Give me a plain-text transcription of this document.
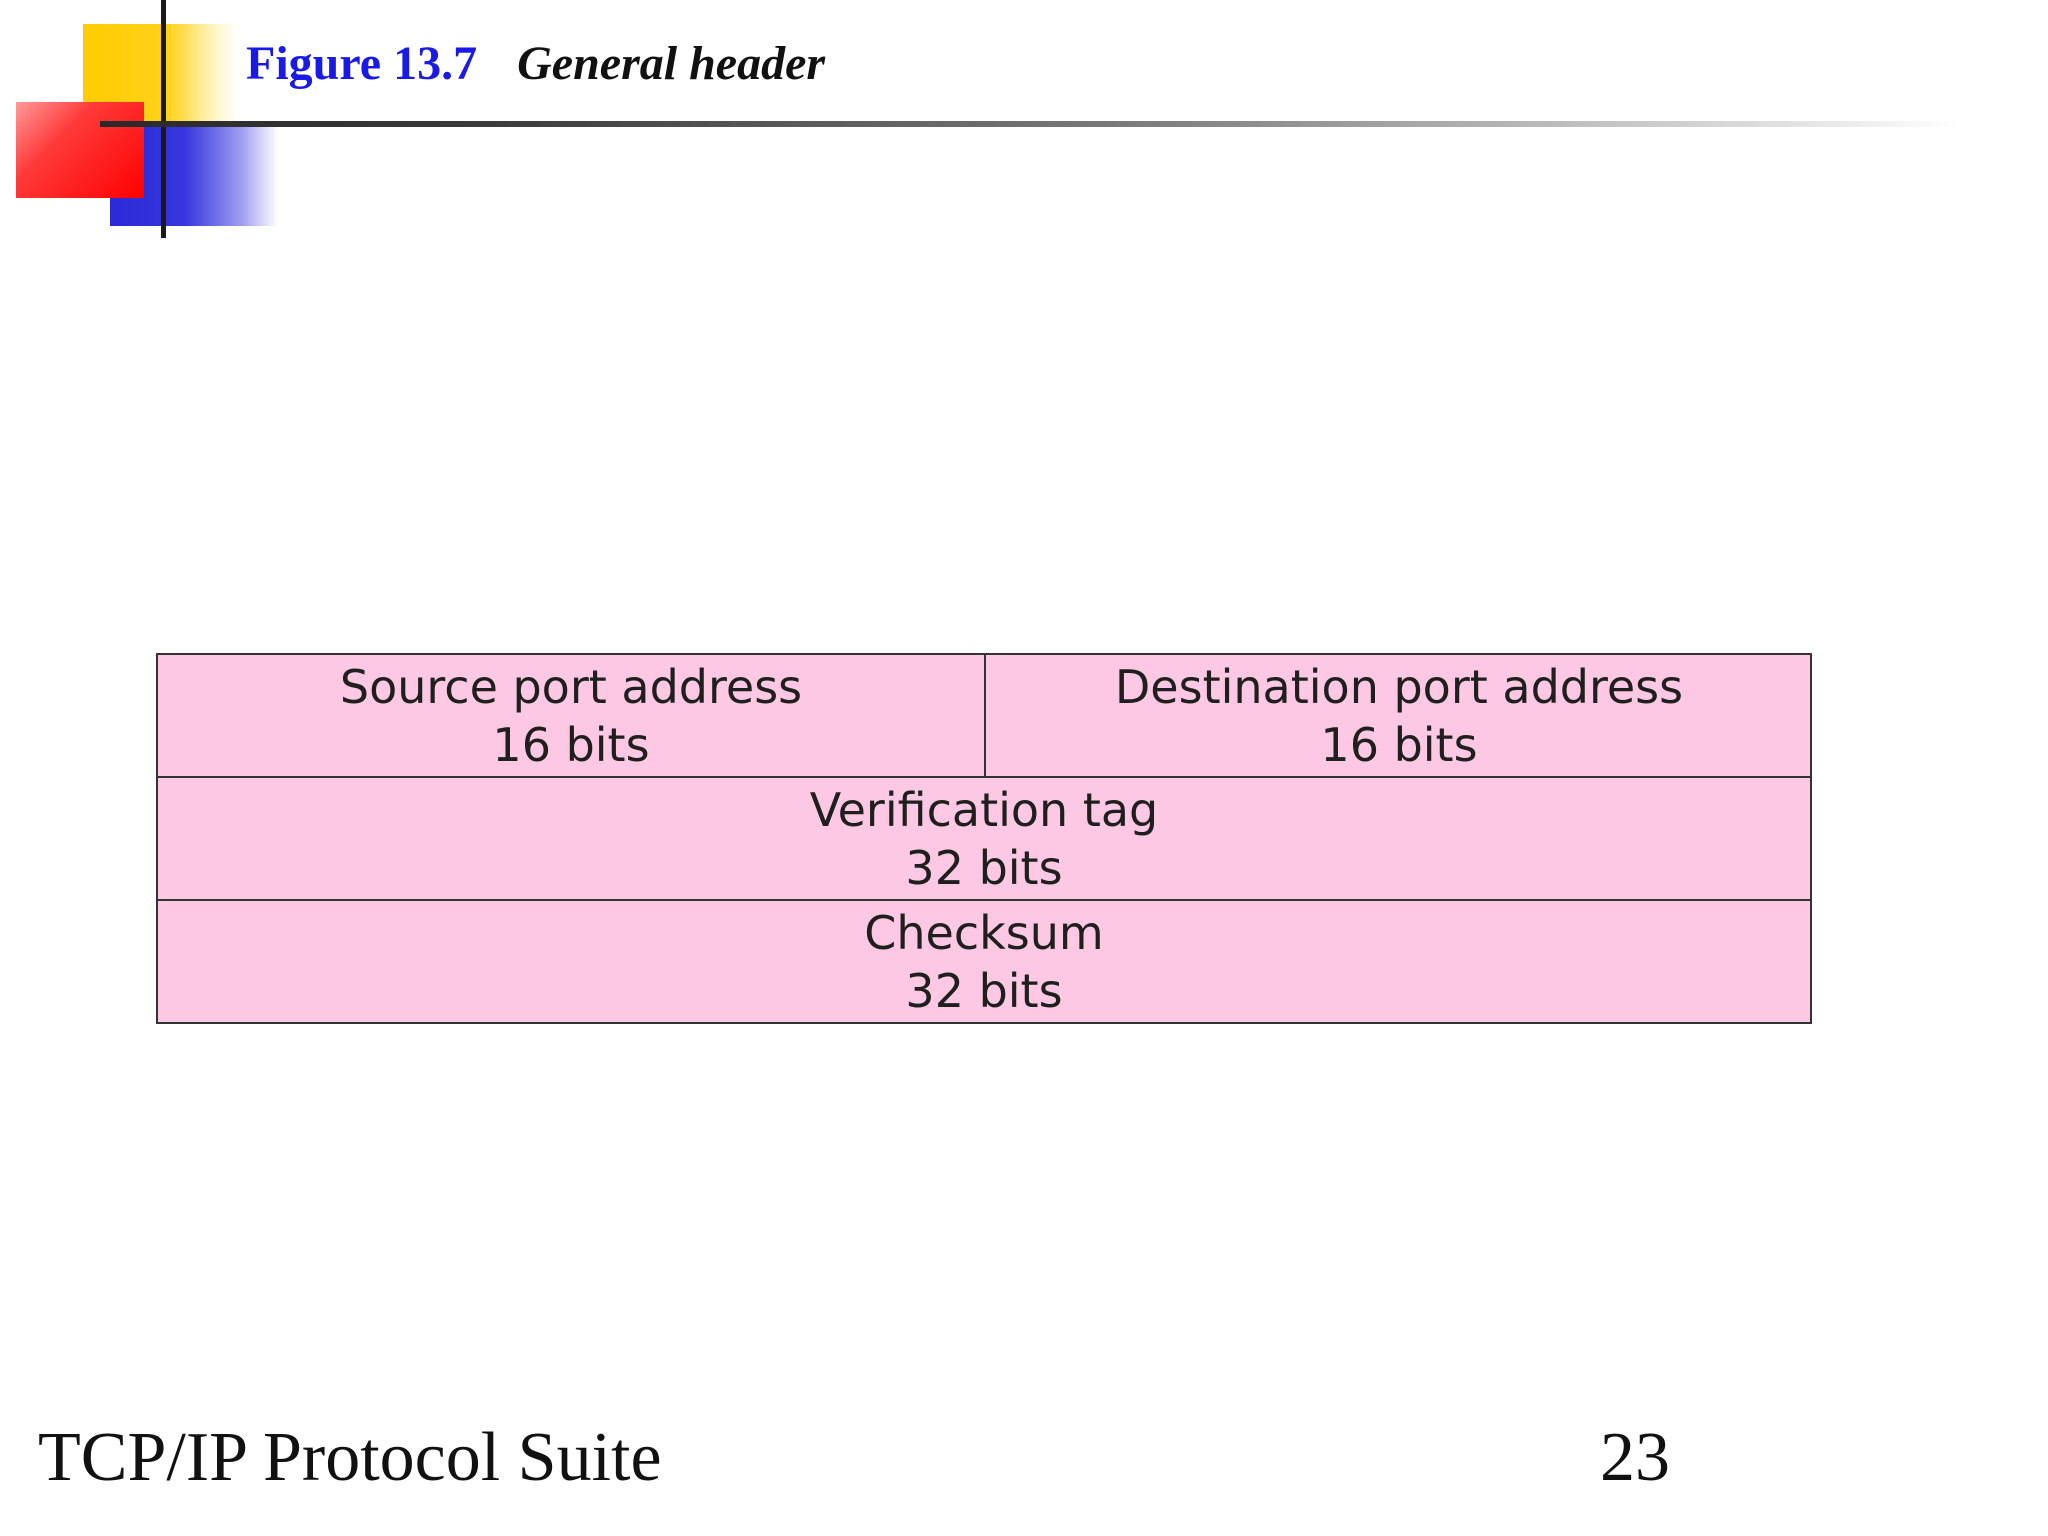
Figure 13.7 General header
Source port address
16 bits
Destination port address
16 bits
Verification tag
32 bits
Checksum
32 bits
TCP/IP Protocol Suite	23
